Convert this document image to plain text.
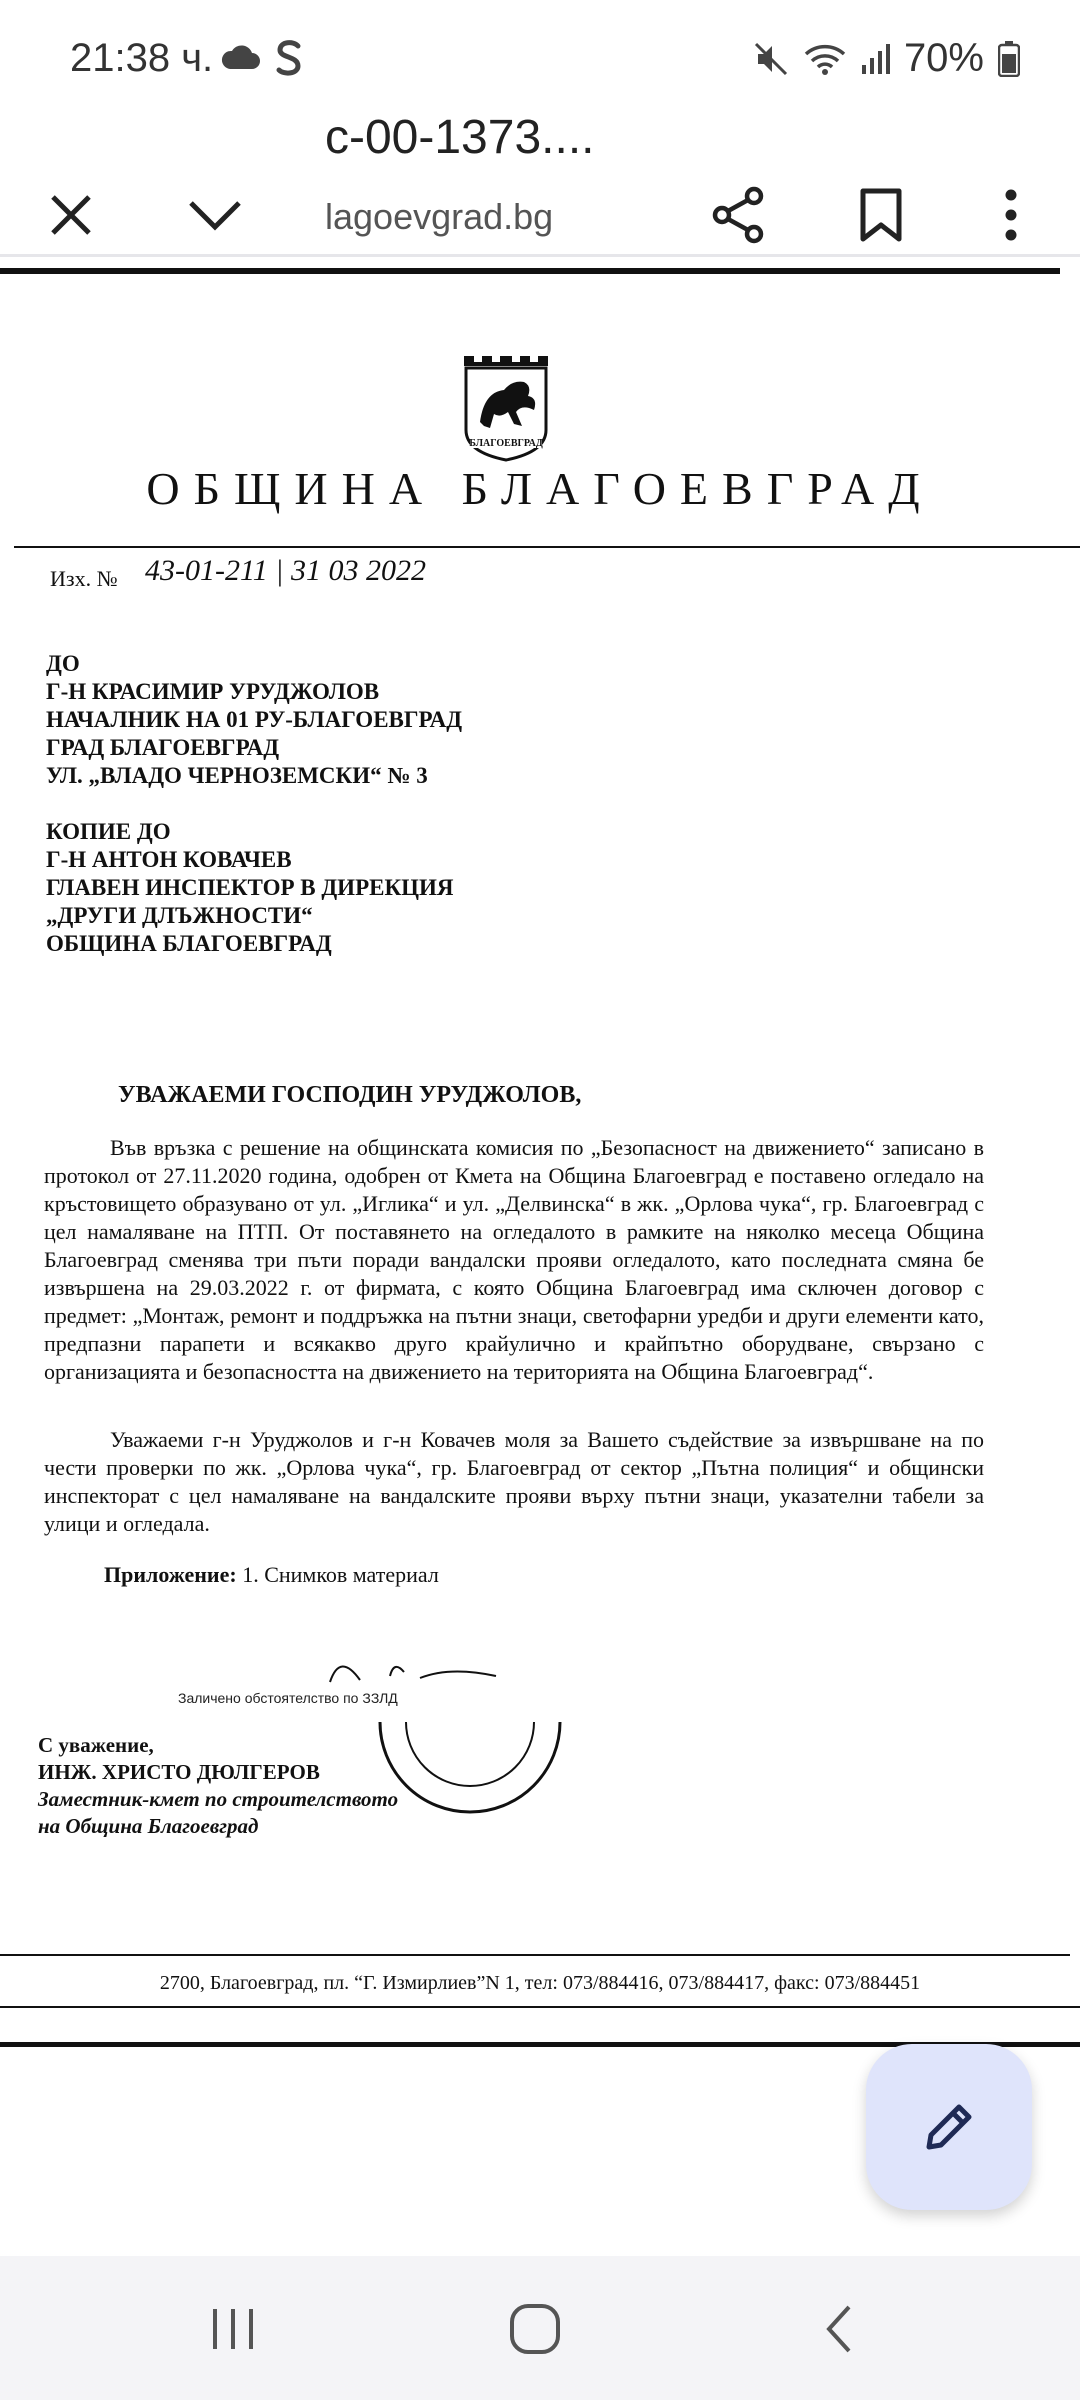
21:38 ч.	70%
с-00-1373....
lagoevgrad.bg
БЛАГОЕВГРАД
ОБЩИНА БЛАГОЕВГРАД
Изх. № 43-01-211 | 31 03 2022
ДО
Г-Н КРАСИМИР УРУДЖОЛОВ
НАЧАЛНИК НА 01 РУ-БЛАГОЕВГРАД
ГРАД БЛАГОЕВГРАД
УЛ. „ВЛАДО ЧЕРНОЗЕМСКИ“ № 3
КОПИЕ ДО
Г-Н АНТОН КОВАЧЕВ
ГЛАВЕН ИНСПЕКТОР В ДИРЕКЦИЯ
„ДРУГИ ДЛЪЖНОСТИ“
ОБЩИНА БЛАГОЕВГРАД
УВАЖАЕМИ ГОСПОДИН УРУДЖОЛОВ,
Във връзка с решение на общинската комисия по „Безопасност на движението“ записано в протокол от 27.11.2020 година, одобрен от Кмета на Община Благоевград е поставено огледало на кръстовището образувано от ул. „Иглика“ и ул. „Делвинска“ в жк. „Орлова чука“, гр. Благоевград с цел намаляване на ПТП. От поставянето на огледалото в рамките на няколко месеца Община Благоевград сменява три пъти поради вандалски прояви огледалото, като последната смяна бе извършена на 29.03.2022 г. от фирмата, с която Община Благоевград има сключен договор с предмет: „Монтаж, ремонт и поддръжка на пътни знаци, светофарни уредби и други елементи като, предпазни парапети и всякакво друго крайулично и крайпътно оборудване, свързано с организацията и безопасността на движението на територията на Община Благоевград“.
Уважаеми г-н Уруджолов и г-н Ковачев моля за Вашето съдействие за извършване на по чести проверки по жк. „Орлова чука“, гр. Благоевград от сектор „Пътна полиция“ и общински инспекторат с цел намаляване на вандалските прояви върху пътни знаци, указателни табели за улици и огледала.
Приложение: 1. Снимков материал
Заличено обстоятелство по ЗЗЛД
С уважение,
ИНЖ. ХРИСТО ДЮЛГЕРОВ
Заместник-кмет по строителството
на Община Благоевград
2700, Благоевград, пл. “Г. Измирлиев”N 1, тел: 073/884416, 073/884417, факс: 073/884451
